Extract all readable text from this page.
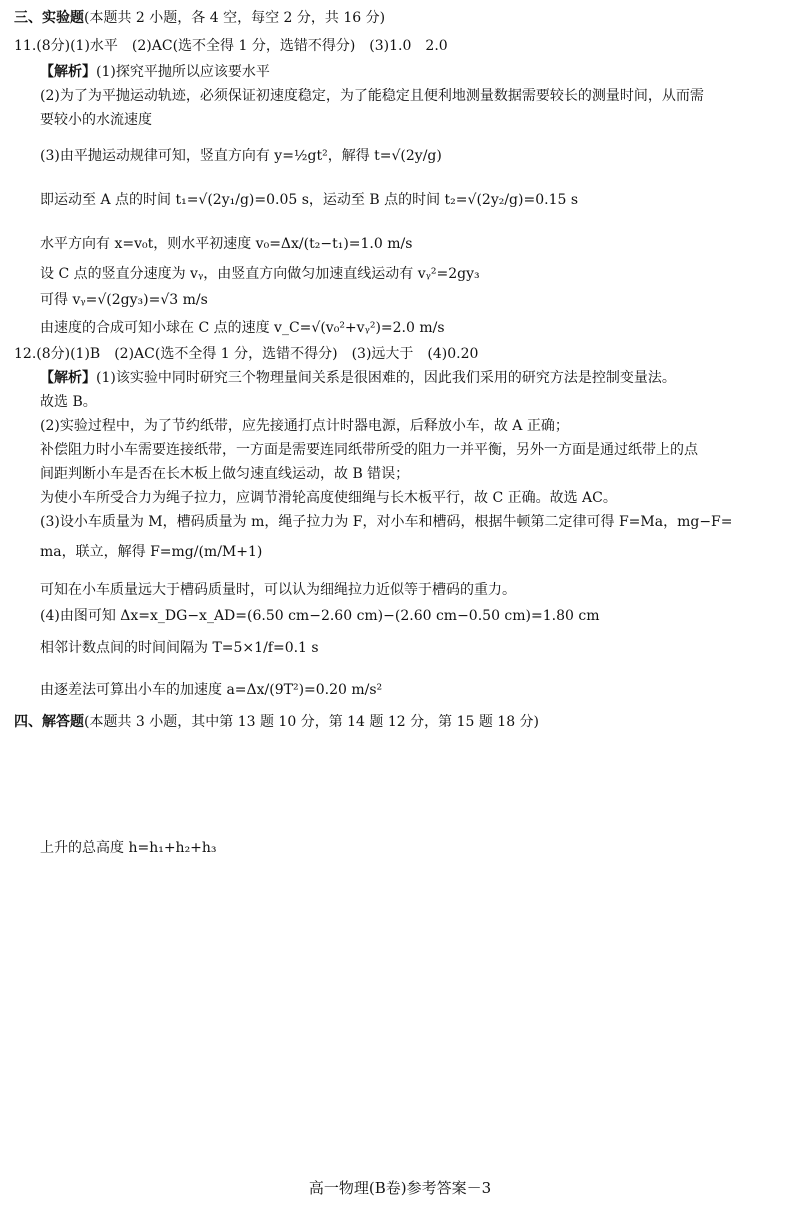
三、实验题(本题共 2 小题，各 4 空，每空 2 分，共 16 分)
11.(8分)(1)水平　(2)AC(选不全得 1 分，选错不得分)　(3)1.0　2.0
【解析】(1)探究平抛所以应该要水平
(2)为了为平抛运动轨迹，必须保证初速度稳定，为了能稳定且便利地测量数据需要较长的测量时间，从而需
要较小的水流速度
(3)由平抛运动规律可知，竖直方向有 y=½gt²，解得 t=√(2y/g)
即运动至 A 点的时间 t₁=√(2y₁/g)=0.05 s，运动至 B 点的时间 t₂=√(2y₂/g)=0.15 s
水平方向有 x=v₀t，则水平初速度 v₀=Δx/(t₂−t₁)=1.0 m/s
设 C 点的竖直分速度为 vᵧ，由竖直方向做匀加速直线运动有 vᵧ²=2gy₃
可得 vᵧ=√(2gy₃)=√3 m/s
由速度的合成可知小球在 C 点的速度 v_C=√(v₀²+vᵧ²)=2.0 m/s
12.(8分)(1)B　(2)AC(选不全得 1 分，选错不得分)　(3)远大于　(4)0.20
【解析】(1)该实验中同时研究三个物理量间关系是很困难的，因此我们采用的研究方法是控制变量法。
故选 B。
(2)实验过程中，为了节约纸带，应先接通打点计时器电源，后释放小车，故 A 正确；
补偿阻力时小车需要连接纸带，一方面是需要连同纸带所受的阻力一并平衡，另外一方面是通过纸带上的点
间距判断小车是否在长木板上做匀速直线运动，故 B 错误；
为使小车所受合力为绳子拉力，应调节滑轮高度使细绳与长木板平行，故 C 正确。故选 AC。
(3)设小车质量为 M，槽码质量为 m，绳子拉力为 F，对小车和槽码，根据牛顿第二定律可得 F=Ma，mg−F=
ma，联立，解得 F=mg/(m/M+1)
可知在小车质量远大于槽码质量时，可以认为细绳拉力近似等于槽码的重力。
(4)由图可知 Δx=x_DG−x_AD=(6.50 cm−2.60 cm)−(2.60 cm−0.50 cm)=1.80 cm
相邻计数点间的时间间隔为 T=5×1/f=0.1 s
由逐差法可算出小车的加速度 a=Δx/(9T²)=0.20 m/s²
四、解答题(本题共 3 小题，其中第 13 题 10 分，第 14 题 12 分，第 15 题 18 分)
上升的总高度 h=h₁+h₂+h₃
高一物理(B卷)参考答案－3
